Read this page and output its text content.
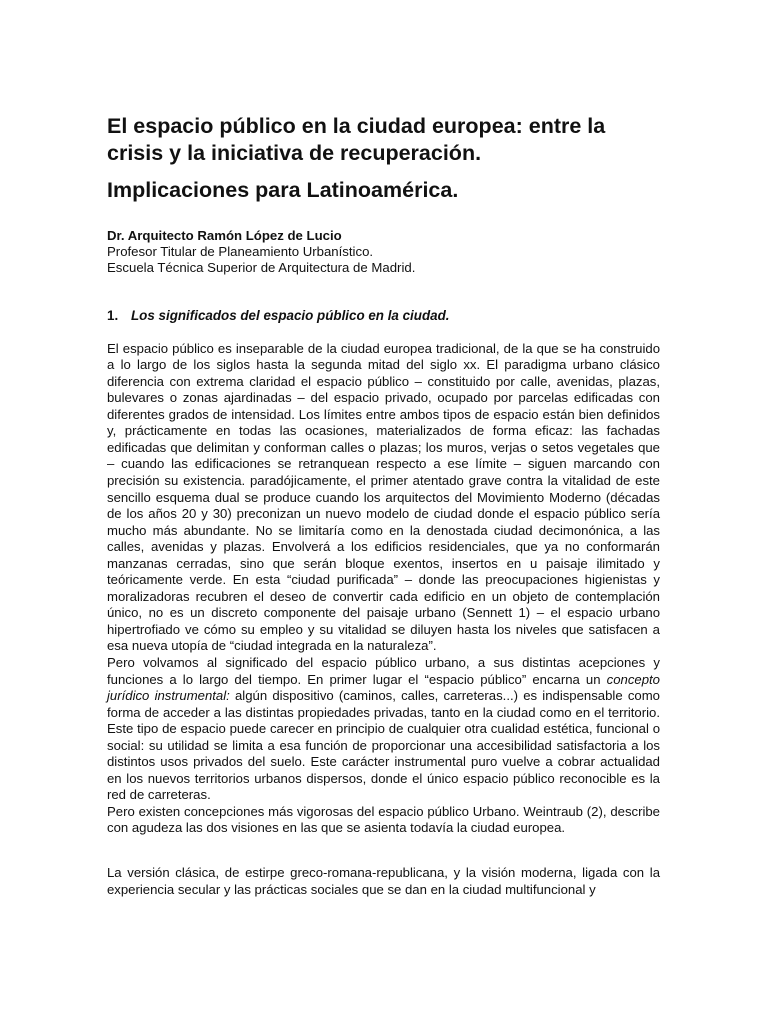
El espacio público en la ciudad europea: entre la crisis y la iniciativa de recuperación.
Implicaciones para Latinoamérica.
Dr. Arquitecto Ramón López de Lucio
Profesor Titular de Planeamiento Urbanístico.
Escuela Técnica Superior de Arquitectura de Madrid.
1. Los significados del espacio público en la ciudad.

El espacio público es inseparable de la ciudad europea tradicional, de la que se ha construido a lo largo de los siglos hasta la segunda mitad del siglo xx. El paradigma urbano clásico diferencia con extrema claridad el espacio público – constituido por calle, avenidas, plazas, bulevares o zonas ajardinadas – del espacio privado, ocupado por parcelas edificadas con diferentes grados de intensidad. Los límites entre ambos tipos de espacio están bien definidos y, prácticamente en todas las ocasiones, materializados de forma eficaz: las fachadas edificadas que delimitan y conforman calles o plazas; los muros, verjas o setos vegetales que – cuando las edificaciones se retranquean respecto a ese límite – siguen marcando con precisión su existencia. paradójicamente, el primer atentado grave contra la vitalidad de este sencillo esquema dual se produce cuando los arquitectos del Movimiento Moderno (décadas de los años 20 y 30) preconizan un nuevo modelo de ciudad donde el espacio público sería mucho más abundante. No se limitaría como en la denostada ciudad decimonónica, a las calles, avenidas y plazas. Envolverá a los edificios residenciales, que ya no conformarán manzanas cerradas, sino que serán bloque exentos, insertos en u paisaje ilimitado y teóricamente verde. En esta “ciudad purificada” – donde las preocupaciones higienistas y moralizadoras recubren el deseo de convertir cada edificio en un objeto de contemplación único, no es un discreto componente del paisaje urbano (Sennett 1) – el espacio urbano hipertrofiado ve cómo su empleo y su vitalidad se diluyen hasta los niveles que satisfacen a esa nueva utopía de “ciudad integrada en la naturaleza”.

Pero volvamos al significado del espacio público urbano, a sus distintas acepciones y funciones a lo largo del tiempo. En primer lugar el “espacio público” encarna un concepto jurídico instrumental: algún dispositivo (caminos, calles, carreteras...) es indispensable como forma de acceder a las distintas propiedades privadas, tanto en la ciudad como en el territorio. Este tipo de espacio puede carecer en principio de cualquier otra cualidad estética, funcional o social: su utilidad se limita a esa función de proporcionar una accesibilidad satisfactoria a los distintos usos privados del suelo. Este carácter instrumental puro vuelve a cobrar actualidad en los nuevos territorios urbanos dispersos, donde el único espacio público reconocible es la red de carreteras.

Pero existen concepciones más vigorosas del espacio público Urbano. Weintraub (2), describe con agudeza las dos visiones en las que se asienta todavía la ciudad europea.

La versión clásica, de estirpe greco-romana-republicana, y la visión moderna, ligada con la experiencia secular y las prácticas sociales que se dan en la ciudad multifuncional y
